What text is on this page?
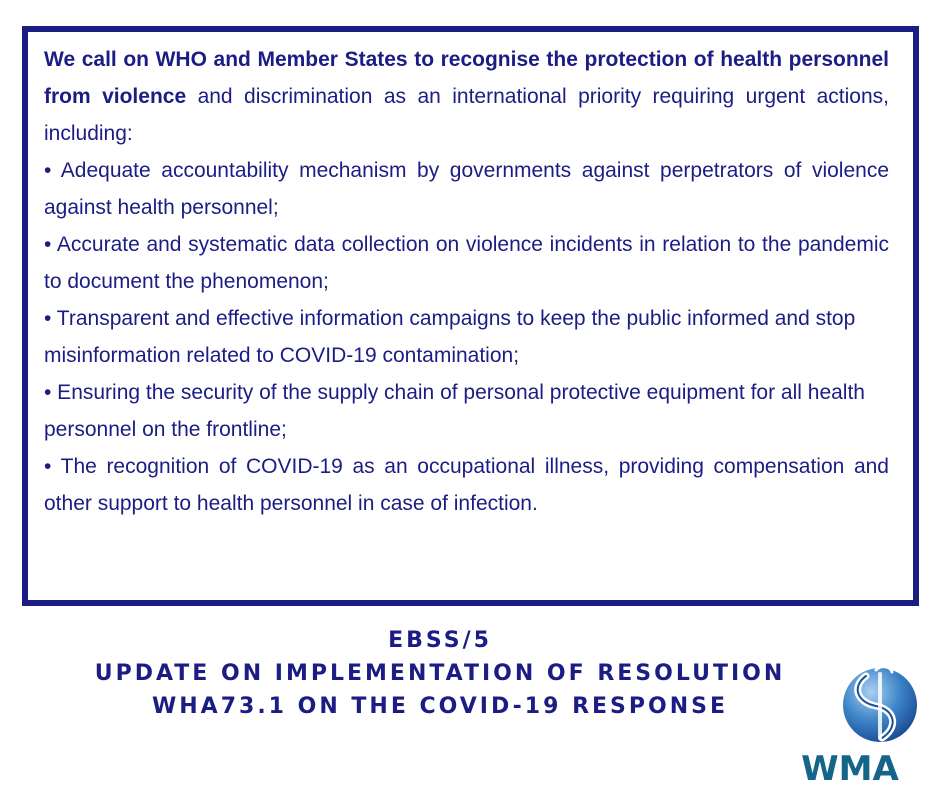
We call on WHO and Member States to recognise the protection of health personnel from violence and discrimination as an international priority requiring urgent actions, including:
• Adequate accountability mechanism by governments against perpetrators of violence against health personnel;
• Accurate and systematic data collection on violence incidents in relation to the pandemic to document the phenomenon;
• Transparent and effective information campaigns to keep the public informed and stop
misinformation related to COVID-19 contamination;
• Ensuring the security of the supply chain of personal protective equipment for all health
personnel on the frontline;
• The recognition of COVID-19 as an occupational illness, providing compensation and other support to health personnel in case of infection.

EBSS/5
UPDATE ON IMPLEMENTATION OF RESOLUTION
WHA73.1 ON THE COVID-19 RESPONSE
WMA
